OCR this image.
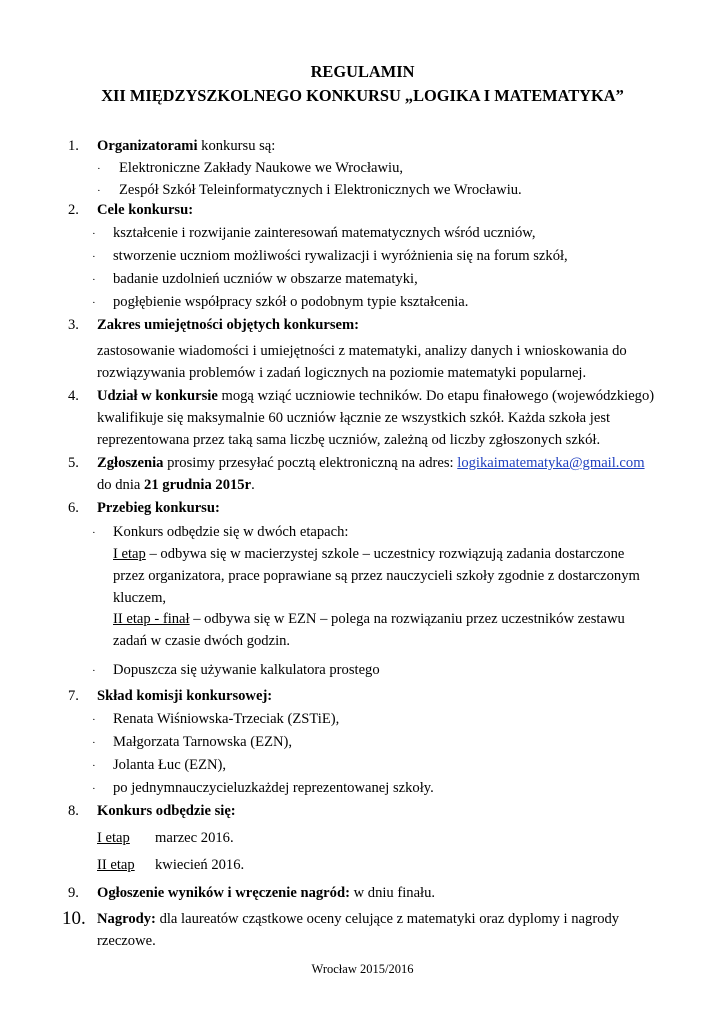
REGULAMIN
XII MIĘDZYSZKOLNEGO KONKURSU „LOGIKA I MATEMATYKA”
1. Organizatorami konkursu są:
· Elektroniczne Zakłady Naukowe we Wrocławiu,
· Zespół Szkół Teleinformatycznych i Elektronicznych we Wrocławiu.
2. Cele konkursu:
· kształcenie i rozwijanie zainteresowań matematycznych wśród uczniów,
· stworzenie uczniom możliwości rywalizacji i wyróżnienia się na forum szkół,
· badanie uzdolnień uczniów w obszarze matematyki,
· pogłębienie współpracy szkół o podobnym typie kształcenia.
3. Zakres umiejętności objętych konkursem:
zastosowanie wiadomości i umiejętności z matematyki, analizy danych i wnioskowania do
rozwiązywania problemów i zadań logicznych na poziomie matematyki popularnej.
4. Udział w konkursie mogą wziąć uczniowie techników. Do etapu finałowego (wojewódzkiego)
kwalifikuje się maksymalnie 60 uczniów łącznie ze wszystkich szkół. Każda szkoła jest
reprezentowana przez taką sama liczbę uczniów, zależną od liczby zgłoszonych szkół.
5. Zgłoszenia prosimy przesyłać pocztą elektroniczną na adres: logikaimatematyka@gmail.com
do dnia 21 grudnia 2015r.
6. Przebieg konkursu:
· Konkurs odbędzie się w dwóch etapach:
I etap – odbywa się w macierzystej szkole – uczestnicy rozwiązują zadania dostarczone
przez organizatora, prace poprawiane są przez nauczycieli szkoły zgodnie z dostarczonym
kluczem,
II etap - finał – odbywa się w EZN – polega na rozwiązaniu przez uczestników zestawu
zadań w czasie dwóch godzin.
· Dopuszcza się używanie kalkulatora prostego
7. Skład komisji konkursowej:
· Renata Wiśniowska-Trzeciak (ZSTiE),
· Małgorzata Tarnowska (EZN),
· Jolanta Łuc (EZN),
· po jednymnauczycieluzkażdej reprezentowanej szkoły.
8. Konkurs odbędzie się:
I etap marzec 2016.
II etap kwiecień 2016.
9. Ogłoszenie wyników i wręczenie nagród: w dniu finału.
10. Nagrody: dla laureatów cząstkowe oceny celujące z matematyki oraz dyplomy i nagrody
rzeczowe.
Wrocław 2015/2016
